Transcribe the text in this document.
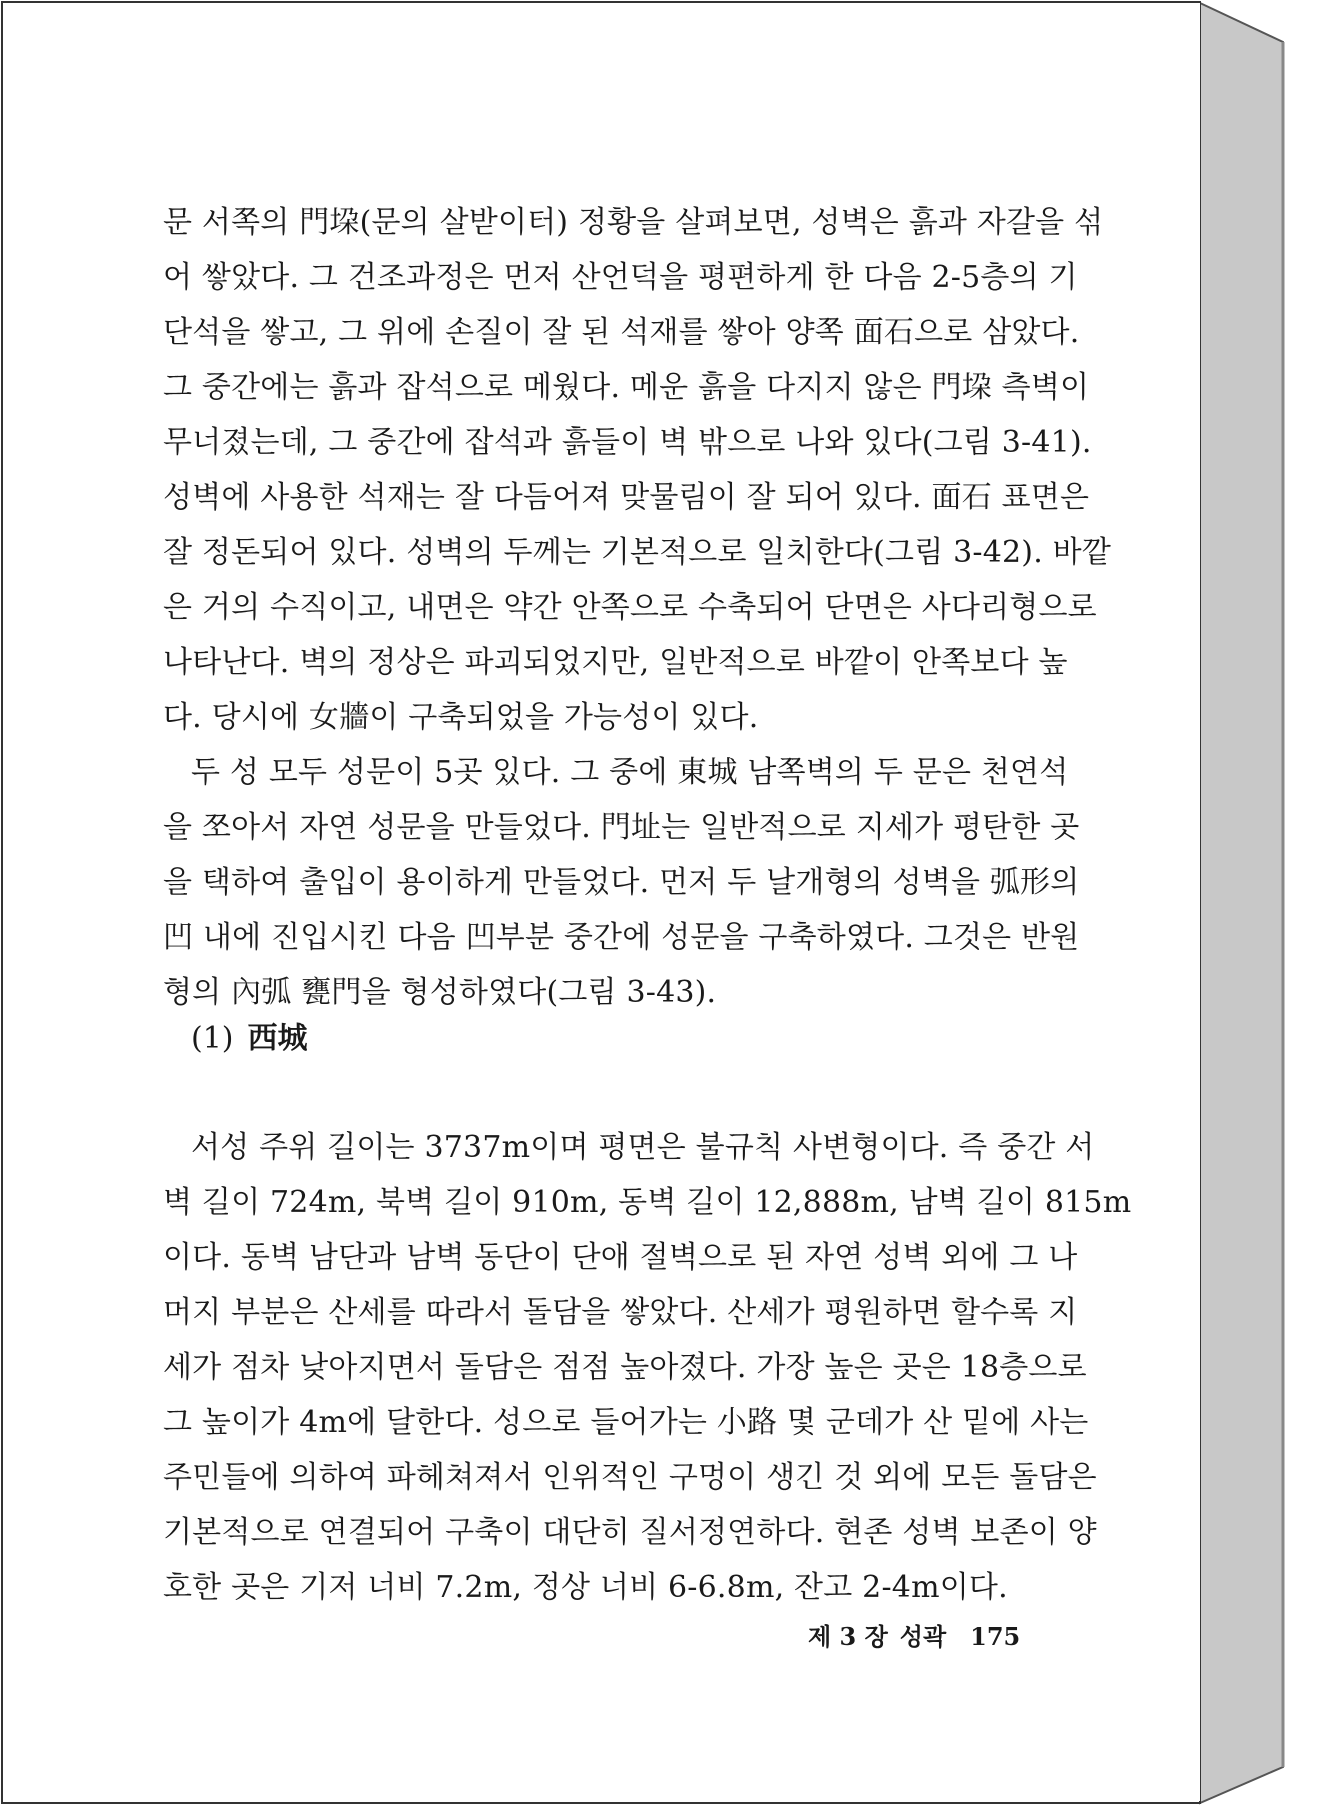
문 서쪽의 門垜(문의 살받이터) 정황을 살펴보면, 성벽은 흙과 자갈을 섞
어 쌓았다. 그 건조과정은 먼저 산언덕을 평편하게 한 다음 2-5층의 기
단석을 쌓고, 그 위에 손질이 잘 된 석재를 쌓아 양쪽 面石으로 삼았다.
그 중간에는 흙과 잡석으로 메웠다. 메운 흙을 다지지 않은 門垜 측벽이
무너졌는데, 그 중간에 잡석과 흙들이 벽 밖으로 나와 있다(그림 3-41).
성벽에 사용한 석재는 잘 다듬어져 맞물림이 잘 되어 있다. 面石 표면은
잘 정돈되어 있다. 성벽의 두께는 기본적으로 일치한다(그림 3-42). 바깥
은 거의 수직이고, 내면은 약간 안쪽으로 수축되어 단면은 사다리형으로
나타난다. 벽의 정상은 파괴되었지만, 일반적으로 바깥이 안쪽보다 높
다. 당시에 女牆이 구축되었을 가능성이 있다.
두 성 모두 성문이 5곳 있다. 그 중에 東城 남쪽벽의 두 문은 천연석
을 쪼아서 자연 성문을 만들었다. 門址는 일반적으로 지세가 평탄한 곳
을 택하여 출입이 용이하게 만들었다. 먼저 두 날개형의 성벽을 弧形의
凹 내에 진입시킨 다음 凹부분 중간에 성문을 구축하였다. 그것은 반원
형의 內弧 甕門을 형성하였다(그림 3-43).
(1) 西城
서성 주위 길이는 3737m이며 평면은 불규칙 사변형이다. 즉 중간 서
벽 길이 724m, 북벽 길이 910m, 동벽 길이 12,888m, 남벽 길이 815m
이다. 동벽 남단과 남벽 동단이 단애 절벽으로 된 자연 성벽 외에 그 나
머지 부분은 산세를 따라서 돌담을 쌓았다. 산세가 평원하면 할수록 지
세가 점차 낮아지면서 돌담은 점점 높아졌다. 가장 높은 곳은 18층으로
그 높이가 4m에 달한다. 성으로 들어가는 小路 몇 군데가 산 밑에 사는
주민들에 의하여 파헤쳐져서 인위적인 구멍이 생긴 것 외에 모든 돌담은
기본적으로 연결되어 구축이 대단히 질서정연하다. 현존 성벽 보존이 양
호한 곳은 기저 너비 7.2m, 정상 너비 6-6.8m, 잔고 2-4m이다.
제 3 장 성곽 175
